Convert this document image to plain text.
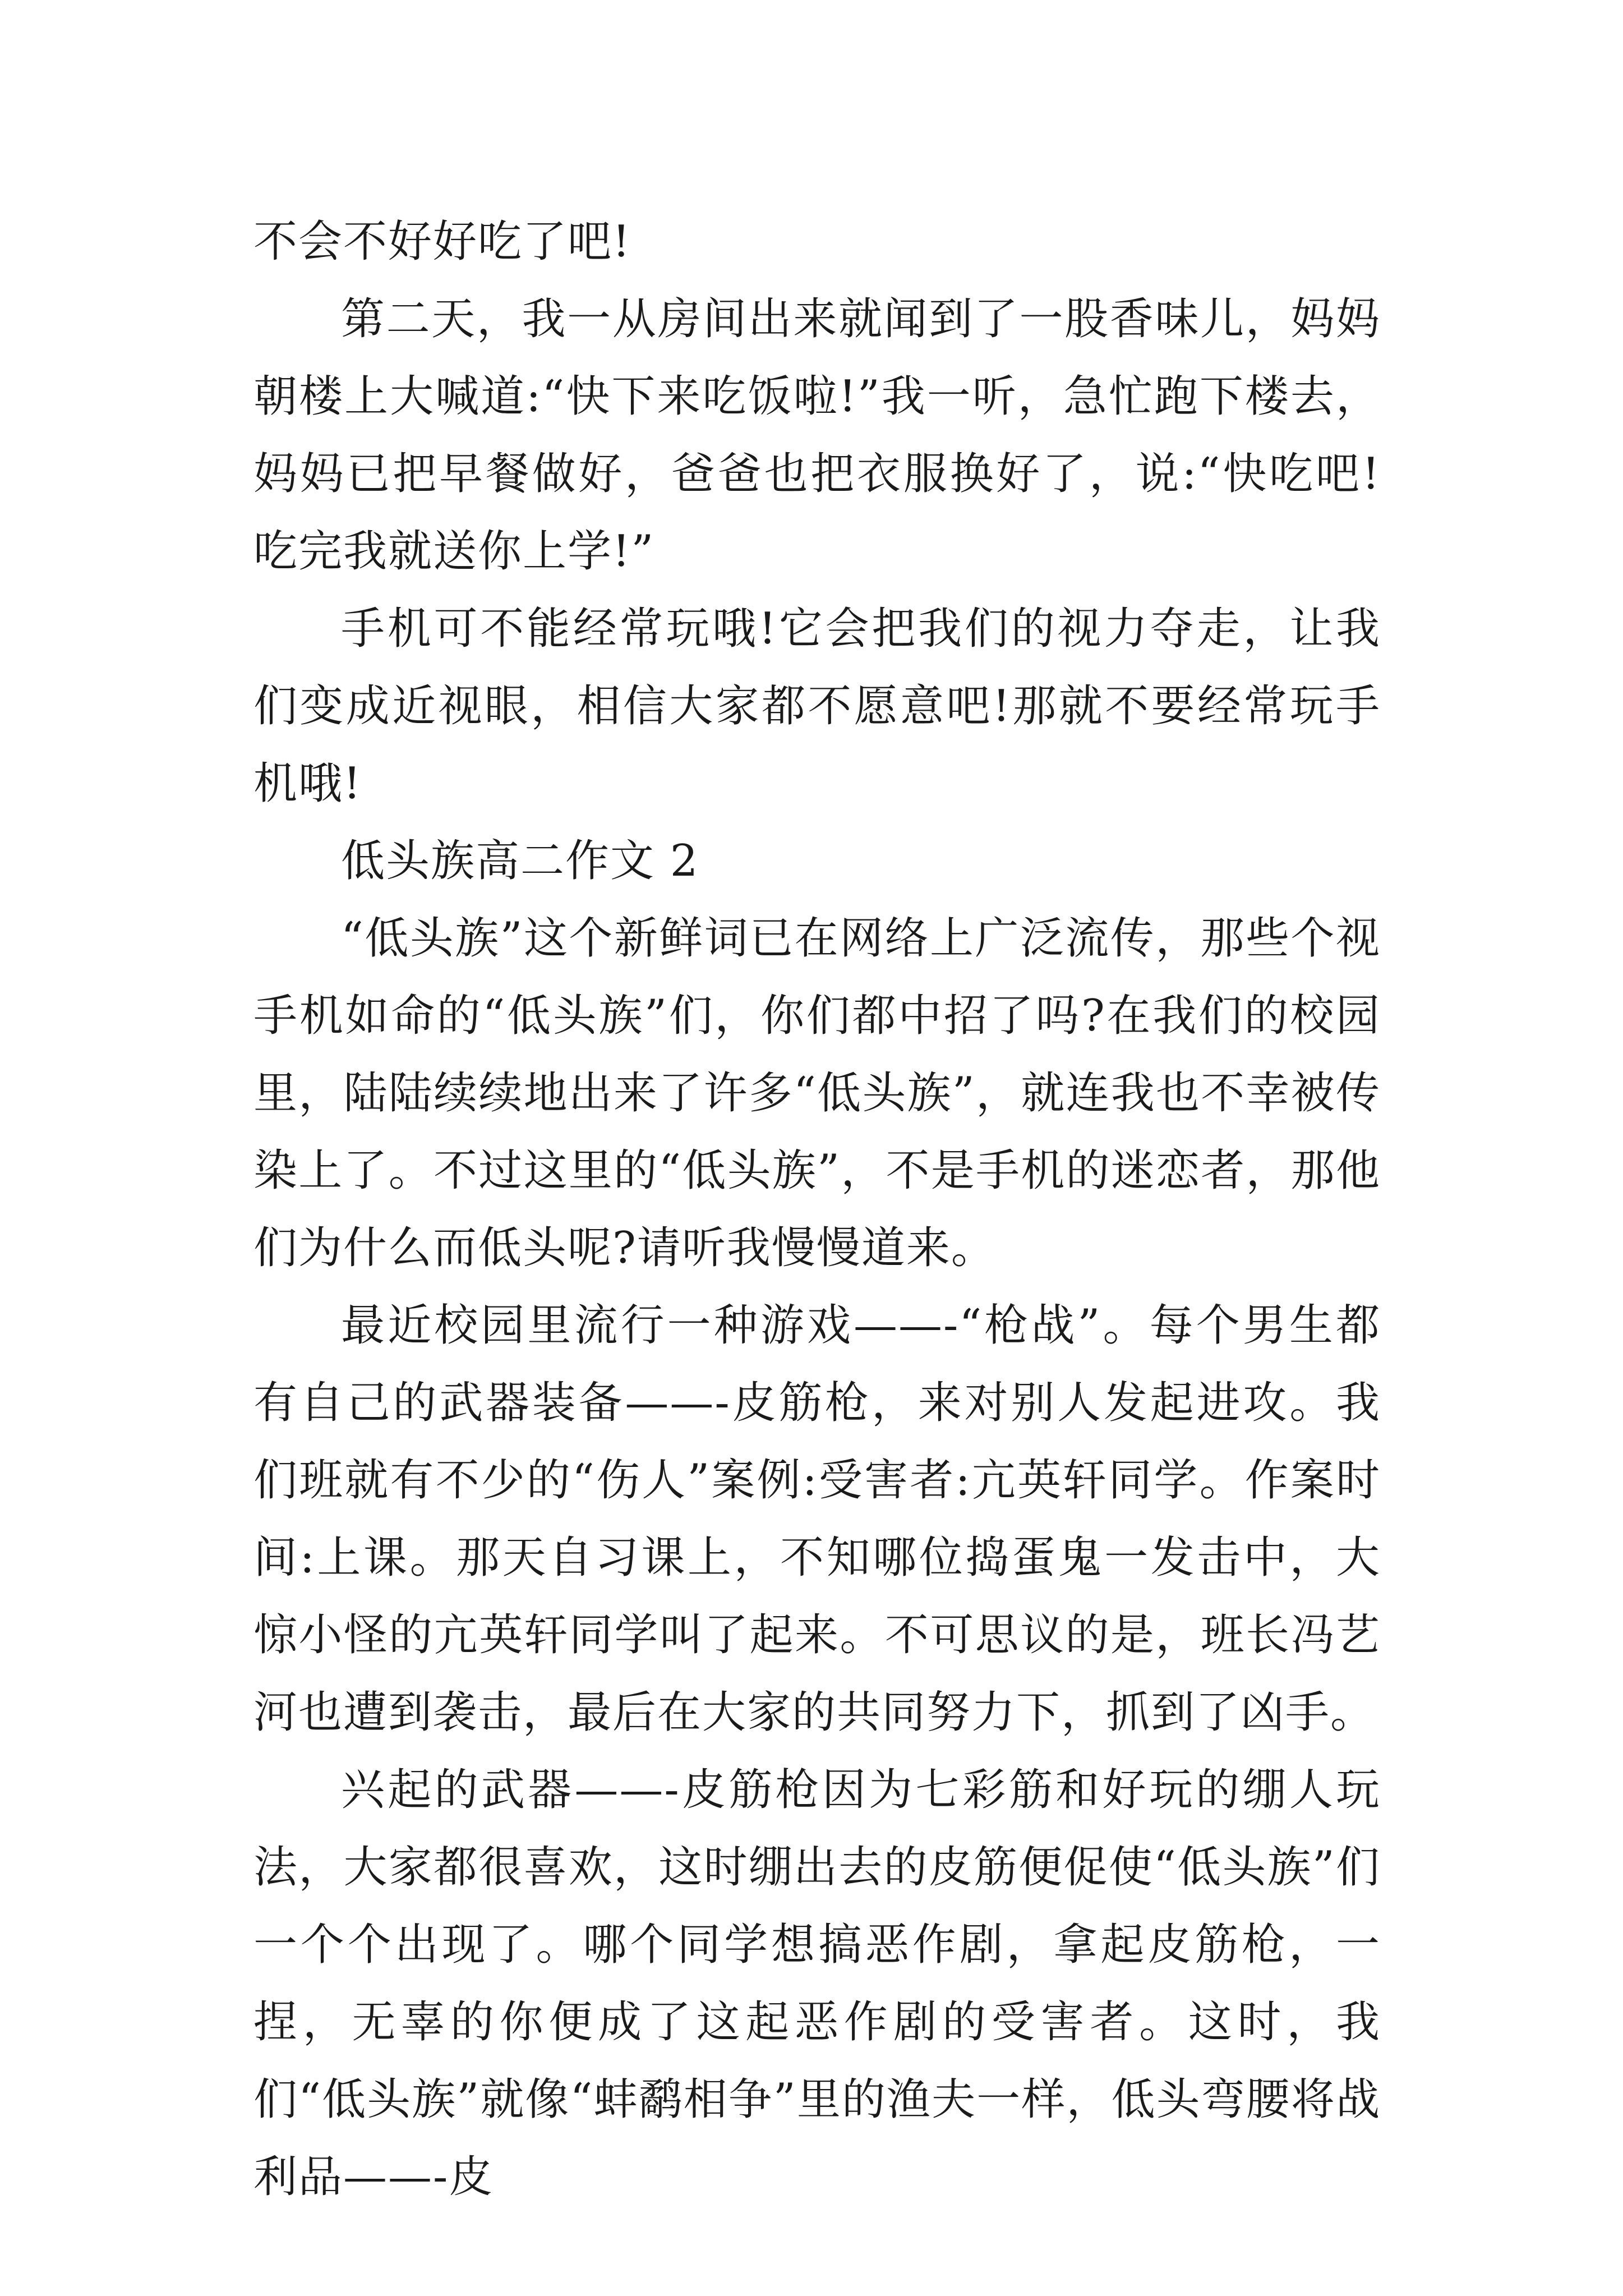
不会不好好吃了吧!

第二天，我一从房间出来就闻到了一股香味儿，妈妈朝楼上大喊道:“快下来吃饭啦!”我一听，急忙跑下楼去，妈妈已把早餐做好，爸爸也把衣服换好了，说:“快吃吧!吃完我就送你上学!”

手机可不能经常玩哦!它会把我们的视力夺走，让我们变成近视眼，相信大家都不愿意吧!那就不要经常玩手机哦!

低头族高二作文 2

“低头族”这个新鲜词已在网络上广泛流传，那些个视手机如命的“低头族”们，你们都中招了吗?在我们的校园里，陆陆续续地出来了许多“低头族”，就连我也不幸被传染上了。不过这里的“低头族”，不是手机的迷恋者，那他们为什么而低头呢?请听我慢慢道来。

最近校园里流行一种游戏——-“枪战”。每个男生都有自己的武器装备——-皮筋枪，来对别人发起进攻。我们班就有不少的“伤人”案例:受害者:亢英轩同学。作案时间:上课。那天自习课上，不知哪位捣蛋鬼一发击中，大惊小怪的亢英轩同学叫了起来。不可思议的是，班长冯艺河也遭到袭击，最后在大家的共同努力下，抓到了凶手。

兴起的武器——-皮筋枪因为七彩筋和好玩的绷人玩法，大家都很喜欢，这时绷出去的皮筋便促使“低头族”们一个个出现了。哪个同学想搞恶作剧，拿起皮筋枪，一捏，无辜的你便成了这起恶作剧的受害者。这时，我们“低头族”就像“蚌鹬相争”里的渔夫一样，低头弯腰将战利品——-皮
